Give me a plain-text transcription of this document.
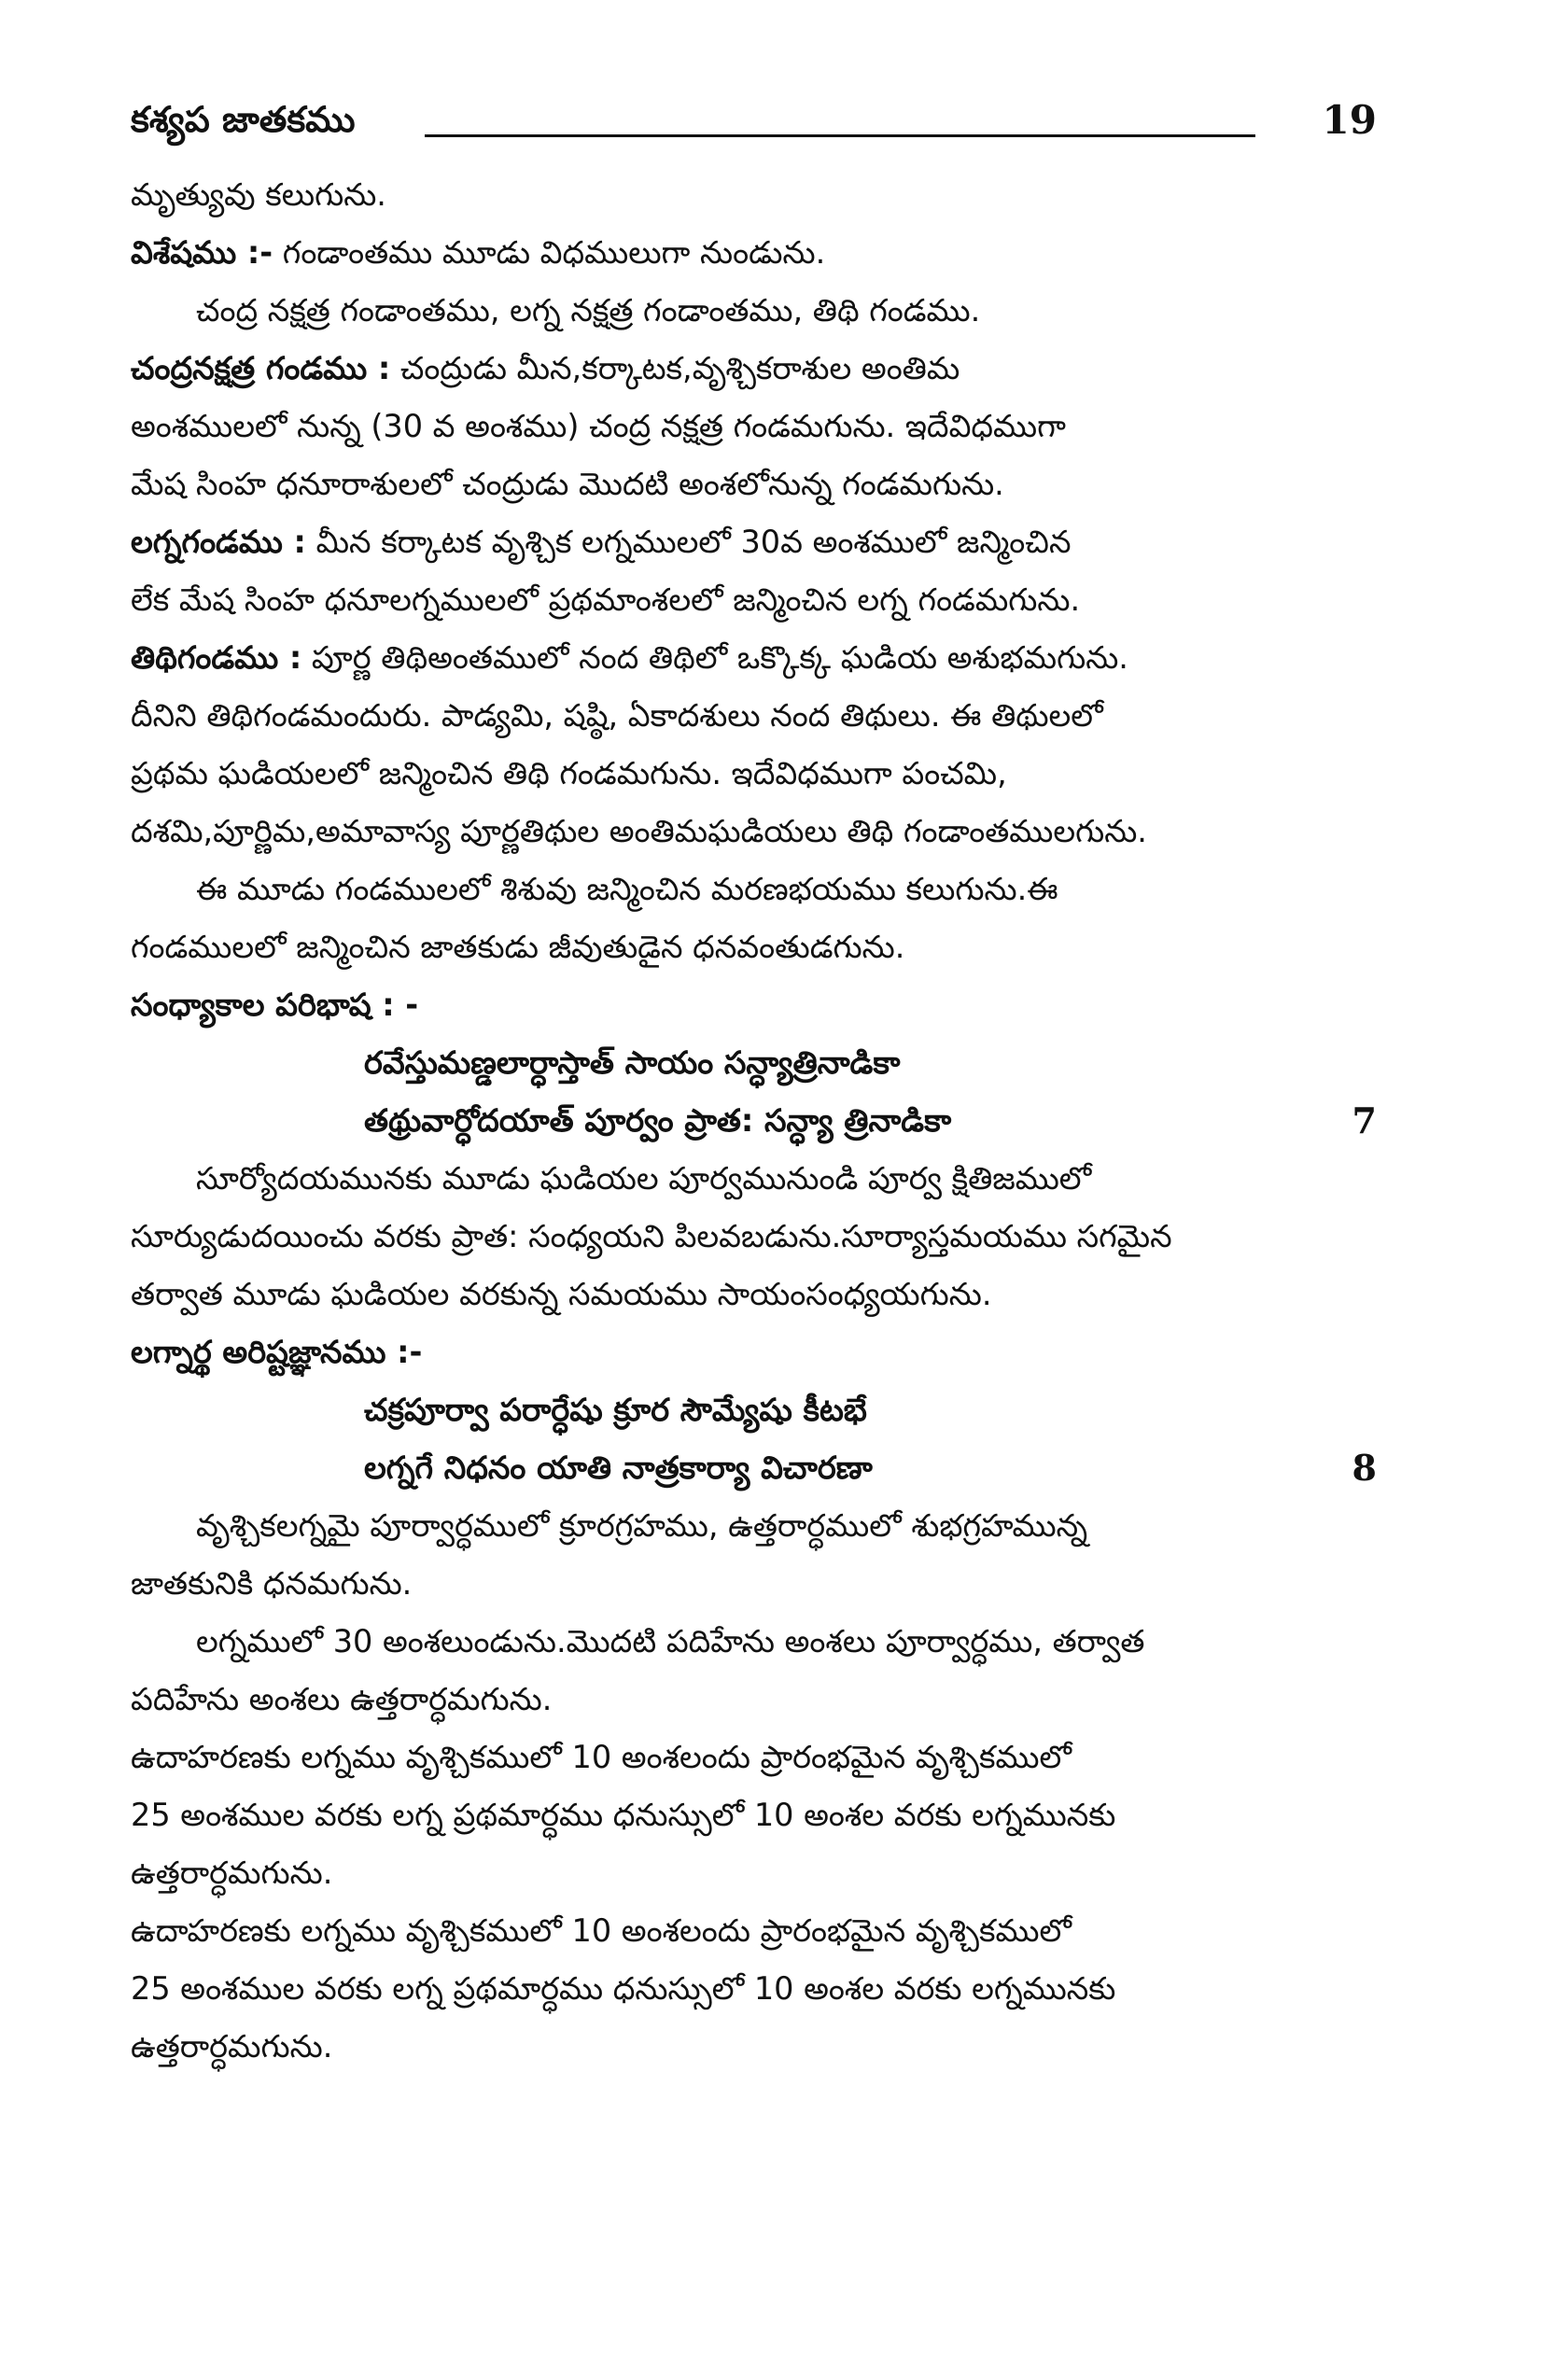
కశ్యప జాతకము	19
మృత్యువు కలుగును.
విశేషము :- గండాంతము మూడు విధములుగా నుండును.
చంద్ర నక్షత్ర గండాంతము, లగ్న నక్షత్ర గండాంతము, తిథి గండము.
చంద్రనక్షత్ర గండము : చంద్రుడు మీన,కర్కాటక,వృశ్చికరాశుల అంతిమ
అంశములలో నున్న (30 వ అంశము) చంద్ర నక్షత్ర గండమగును. ఇదేవిధముగా
మేష సింహ ధనూరాశులలో చంద్రుడు మొదటి అంశలోనున్న గండమగును.
లగ్నగండము : మీన కర్కాటక వృశ్చిక లగ్నములలో 30వ అంశములో జన్మించిన
లేక మేష సింహ ధనూలగ్నములలో ప్రథమాంశలలో జన్మించిన లగ్న గండమగును.
తిథిగండము : పూర్ణ తిథిఅంతములో నంద తిథిలో ఒక్కొక్క ఘడియ అశుభమగును.
దీనిని తిథిగండమందురు. పాడ్యమి, షష్ఠి, ఏకాదశులు నంద తిథులు. ఈ తిథులలో
ప్రథమ ఘడియలలో జన్మించిన తిథి గండమగును. ఇదేవిధముగా పంచమి,
దశమి,పూర్ణిమ,అమావాస్య పూర్ణతిథుల అంతిమఘడియలు తిథి గండాంతములగును.
ఈ మూడు గండములలో శిశువు జన్మించిన మరణభయము కలుగును.ఈ
గండములలో జన్మించిన జాతకుడు జీవుతుడైన ధనవంతుడగును.
సంధ్యాకాల పరిభాష : -
రవేస్తుమణ్డలార్ధాస్తాత్ సాయం సన్ధ్యాత్రినాడికా
తథ్రువార్ధోదయాత్ పూర్వం ప్రాత: సన్ధ్యా త్రినాడికా	7
సూర్యోదయమునకు మూడు ఘడియల పూర్వమునుండి పూర్వ క్షితిజములో
సూర్యుడుదయించు వరకు ప్రాత: సంధ్యయని పిలవబడును.సూర్యాస్తమయము సగమైన
తర్వాత మూడు ఘడియల వరకున్న సమయము సాయంసంధ్యయగును.
లగ్నార్థ అరిష్టజ్ఞానము :-
చక్రపూర్వా పరార్ధేషు క్రూర సౌమ్యేషు కీటభే
లగ్నగే నిధనం యాతి నాత్రకార్యా విచారణా	8
వృశ్చికలగ్నమై పూర్వార్ధములో క్రూరగ్రహము, ఉత్తరార్ధములో శుభగ్రహమున్న
జాతకునికి ధనమగును.
లగ్నములో 30 అంశలుండును.మొదటి పదిహేను అంశలు పూర్వార్ధము, తర్వాత
పదిహేను అంశలు ఉత్తరార్ధమగును.
ఉదాహరణకు లగ్నము వృశ్చికములో 10 అంశలందు ప్రారంభమైన వృశ్చికములో
25 అంశముల వరకు లగ్న ప్రథమార్ధము ధనుస్సులో 10 అంశల వరకు లగ్నమునకు
ఉత్తరార్ధమగును.
ఉదాహరణకు లగ్నము వృశ్చికములో 10 అంశలందు ప్రారంభమైన వృశ్చికములో
25 అంశముల వరకు లగ్న ప్రథమార్ధము ధనుస్సులో 10 అంశల వరకు లగ్నమునకు
ఉత్తరార్ధమగును.
